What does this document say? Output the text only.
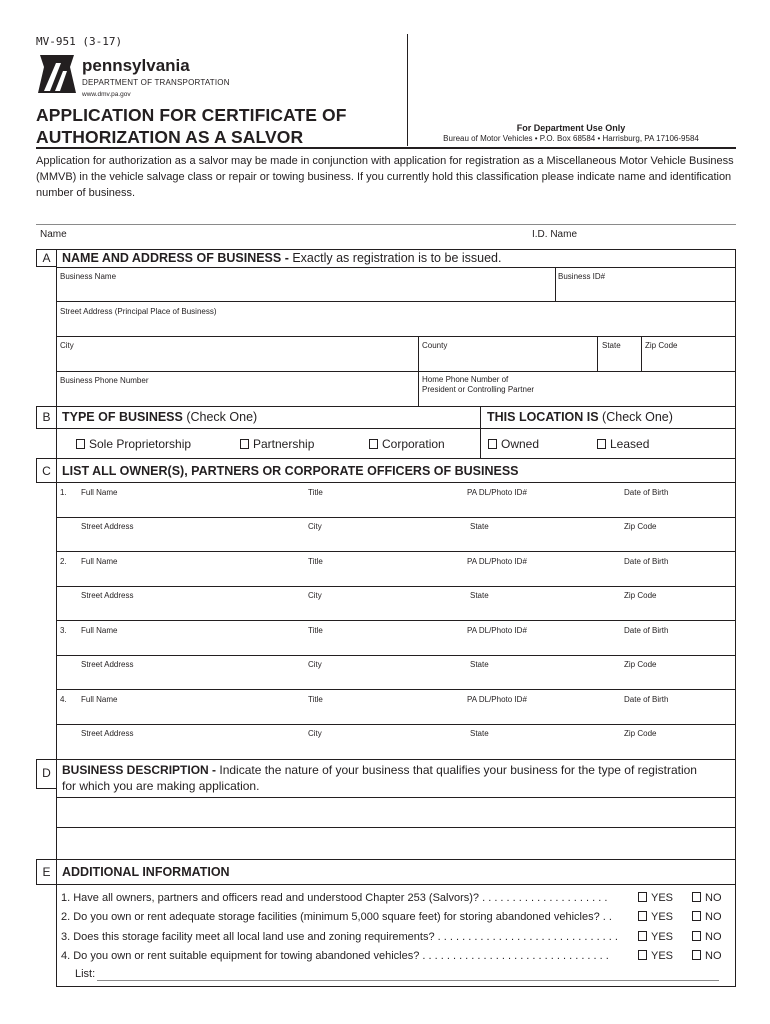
MV-951 (3-17)
pennsylvania
DEPARTMENT OF TRANSPORTATION
www.dmv.pa.gov
APPLICATION FOR CERTIFICATE OF
AUTHORIZATION AS A SALVOR	For Department Use Only
Bureau of Motor Vehicles • P.O. Box 68584 • Harrisburg, PA 17106-9584
Application for authorization as a salvor may be made in conjunction with application for registration as a Miscellaneous Motor Vehicle Business (MMVB) in the vehicle salvage class or repair or towing business. If you currently hold this classification please indicate name and identification number of business.
Name	I.D. Name
A NAME AND ADDRESS OF BUSINESS - Exactly as registration is to be issued.
Business Name	Business ID#
Street Address (Principal Place of Business)
City	County	State	Zip Code
Business Phone Number	Home Phone Number of
President or Controlling Partner
B TYPE OF BUSINESS (Check One)	THIS LOCATION IS (Check One)
Sole Proprietorship	Partnership	Corporation	Owned	Leased
C LIST ALL OWNER(S), PARTNERS OR CORPORATE OFFICERS OF BUSINESS
1. Full Name	Title	PA DL/Photo ID#	Date of Birth
Street Address	City	State	Zip Code
2. Full Name	Title	PA DL/Photo ID#	Date of Birth
Street Address	City	State	Zip Code
3. Full Name	Title	PA DL/Photo ID#	Date of Birth
Street Address	City	State	Zip Code
4. Full Name	Title	PA DL/Photo ID#	Date of Birth
Street Address	City	State	Zip Code
D BUSINESS DESCRIPTION - Indicate the nature of your business that qualifies your business for the type of registration
for which you are making application.
E ADDITIONAL INFORMATION
1. Have all owners, partners and officers read and understood Chapter 253 (Salvors)? . . . . . . . . . . . . . . . . . . . . .	YES	NO
2. Do you own or rent adequate storage facilities (minimum 5,000 square feet) for storing abandoned vehicles? . .	YES	NO
3. Does this storage facility meet all local land use and zoning requirements? . . . . . . . . . . . . . . . . . . . . . . . . . . . . . .	YES	NO
4. Do you own or rent suitable equipment for towing abandoned vehicles? . . . . . . . . . . . . . . . . . . . . . . . . . . . . . . .	YES	NO
List:
